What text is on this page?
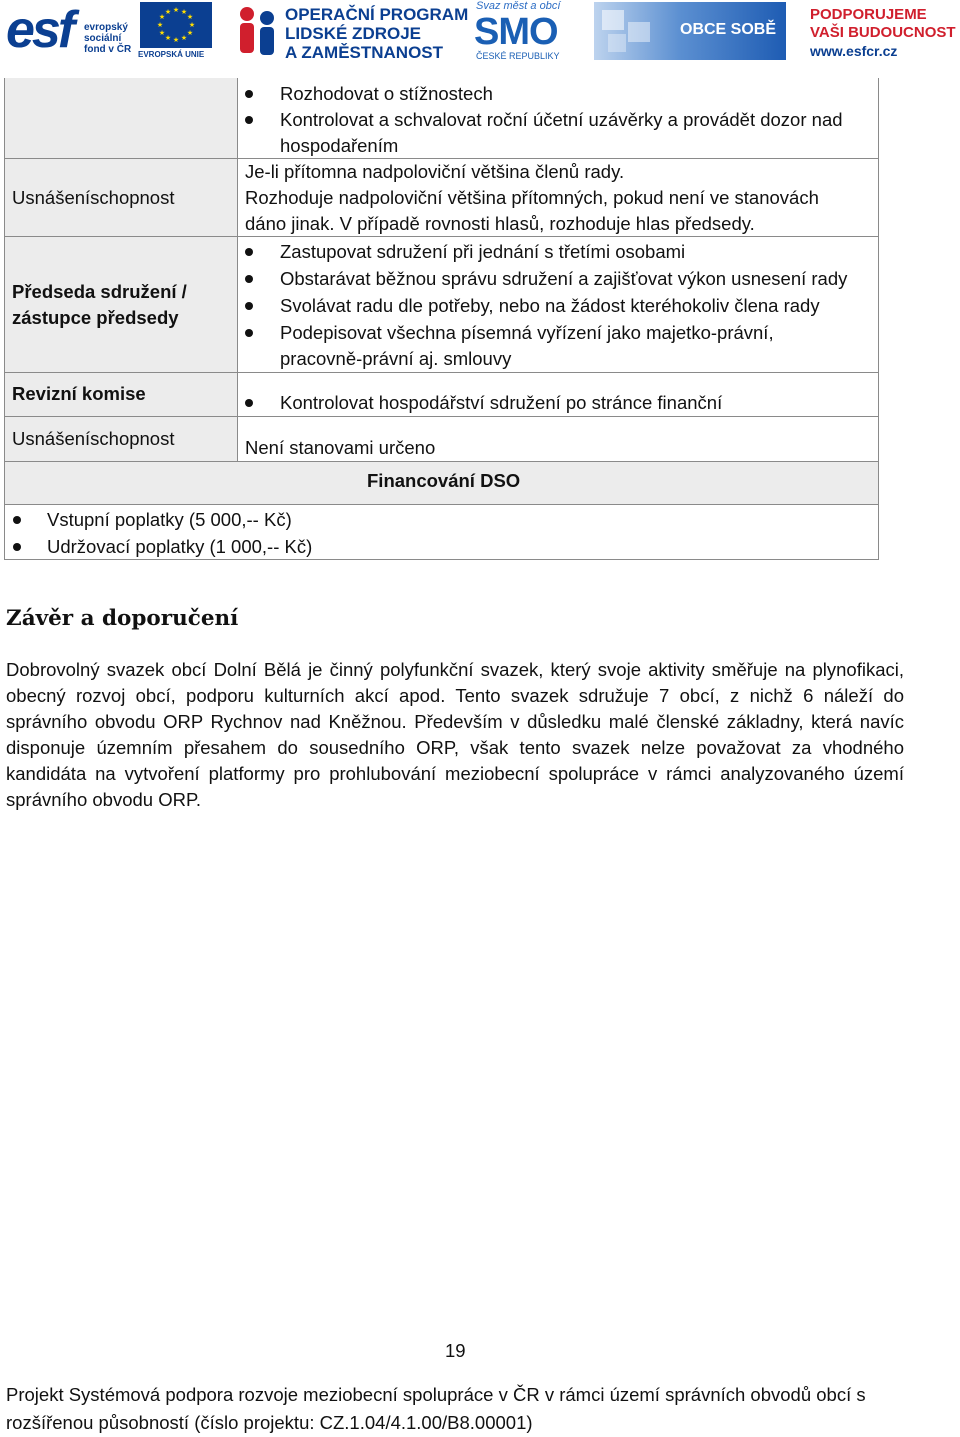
esf evropský
sociální
fond v ČR
★ ★
★
★
★
★
★
★
★
★
★
★
EVROPSKÁ UNIE
OPERAČNÍ PROGRAM
LIDSKÉ ZDROJE
A ZAMĚSTNANOST
Svaz měst a obcí
SMO
ČESKÉ REPUBLIKY
OBCE SOBĚ
PODPORUJEME
VAŠI BUDOUCNOST
www.esfcr.cz
Rozhodovat o stížnostech
Kontrolovat a schvalovat roční účetní uzávěrky a provádět dozor nad
hospodařením
Usnášeníschopnost
Je-li přítomna nadpoloviční většina členů rady.
Rozhoduje nadpoloviční většina přítomných, pokud není ve stanovách
dáno jinak. V případě rovnosti hlasů, rozhoduje hlas předsedy.
Předseda sdružení /
zástupce předsedy
Zastupovat sdružení při jednání s třetími osobami
Obstarávat běžnou správu sdružení a zajišťovat výkon usnesení rady
Svolávat radu dle potřeby, nebo na žádost kteréhokoliv člena rady
Podepisovat všechna písemná vyřízení jako majetko-právní,
pracovně-právní aj. smlouvy
Revizní komise	Kontrolovat hospodářství sdružení po stránce finanční
Usnášeníschopnost	Není stanovami určeno
Financování DSO
Vstupní poplatky (5 000,-- Kč)
Udržovací poplatky (1 000,-- Kč)
Závěr a doporučení
Dobrovolný svazek obcí Dolní Bělá je činný polyfunkční svazek, který svoje aktivity směřuje na plynofikaci, obecný rozvoj obcí, podporu kulturních akcí apod. Tento svazek sdružuje 7 obcí, z nichž 6 náleží do správního obvodu ORP Rychnov nad Kněžnou. Především v důsledku malé členské základny, která navíc disponuje územním přesahem do sousedního ORP, však tento svazek nelze považovat za vhodného kandidáta na vytvoření platformy pro prohlubování meziobecní spolupráce v rámci analyzovaného území správního obvodu ORP.
19
Projekt Systémová podpora rozvoje meziobecní spolupráce v ČR v rámci území správních obvodů obcí s
rozšířenou působností (číslo projektu: CZ.1.04/4.1.00/B8.00001)
